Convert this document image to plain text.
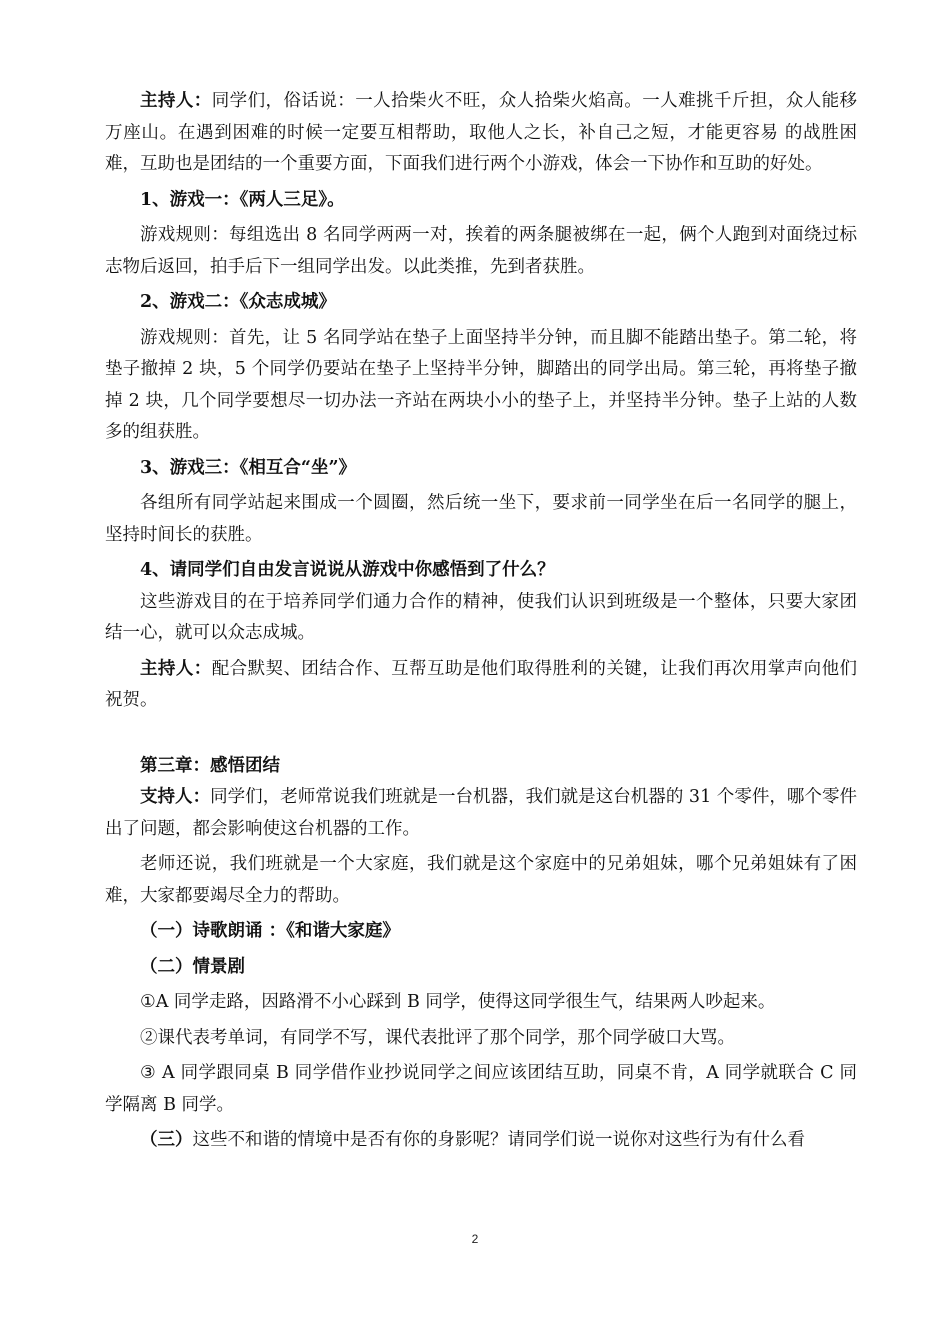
主持人：同学们，俗话说：一人拾柴火不旺，众人拾柴火焰高。一人难挑千斤担，众人能移万座山。在遇到困难的时候一定要互相帮助，取他人之长，补自己之短，才能更容易 的战胜困难，互助也是团结的一个重要方面，下面我们进行两个小游戏，体会一下协作和互助的好处。

1、游戏一：《两人三足》。

游戏规则：每组选出 8 名同学两两一对，挨着的两条腿被绑在一起，俩个人跑到对面绕过标志物后返回，拍手后下一组同学出发。以此类推，先到者获胜。

2、游戏二：《众志成城》

游戏规则：首先，让 5 名同学站在垫子上面坚持半分钟，而且脚不能踏出垫子。第二轮，将垫子撤掉 2 块，5 个同学仍要站在垫子上坚持半分钟，脚踏出的同学出局。第三轮，再将垫子撤掉 2 块，几个同学要想尽一切办法一齐站在两块小小的垫子上，并坚持半分钟。垫子上站的人数多的组获胜。

3、游戏三：《相互合“坐”》

各组所有同学站起来围成一个圆圈，然后统一坐下，要求前一同学坐在后一名同学的腿上，坚持时间长的获胜。

4、请同学们自由发言说说从游戏中你感悟到了什么？

这些游戏目的在于培养同学们通力合作的精神，使我们认识到班级是一个整体，只要大家团结一心，就可以众志成城。

主持人：配合默契、团结合作、互帮互助是他们取得胜利的关键，让我们再次用掌声向他们祝贺。

第三章：感悟团结

支持人：同学们，老师常说我们班就是一台机器，我们就是这台机器的 31 个零件，哪个零件出了问题，都会影响使这台机器的工作。

老师还说，我们班就是一个大家庭，我们就是这个家庭中的兄弟姐妹，哪个兄弟姐妹有了困难，大家都要竭尽全力的帮助。

（一）诗歌朗诵 ：《和谐大家庭》

（二）情景剧

①A 同学走路，因路滑不小心踩到 B 同学，使得这同学很生气，结果两人吵起来。

②课代表考单词，有同学不写，课代表批评了那个同学，那个同学破口大骂。

③ A 同学跟同桌 B 同学借作业抄说同学之间应该团结互助，同桌不肯，A 同学就联合 C 同学隔离 B 同学。

（三）这些不和谐的情境中是否有你的身影呢？请同学们说一说你对这些行为有什么看

2
